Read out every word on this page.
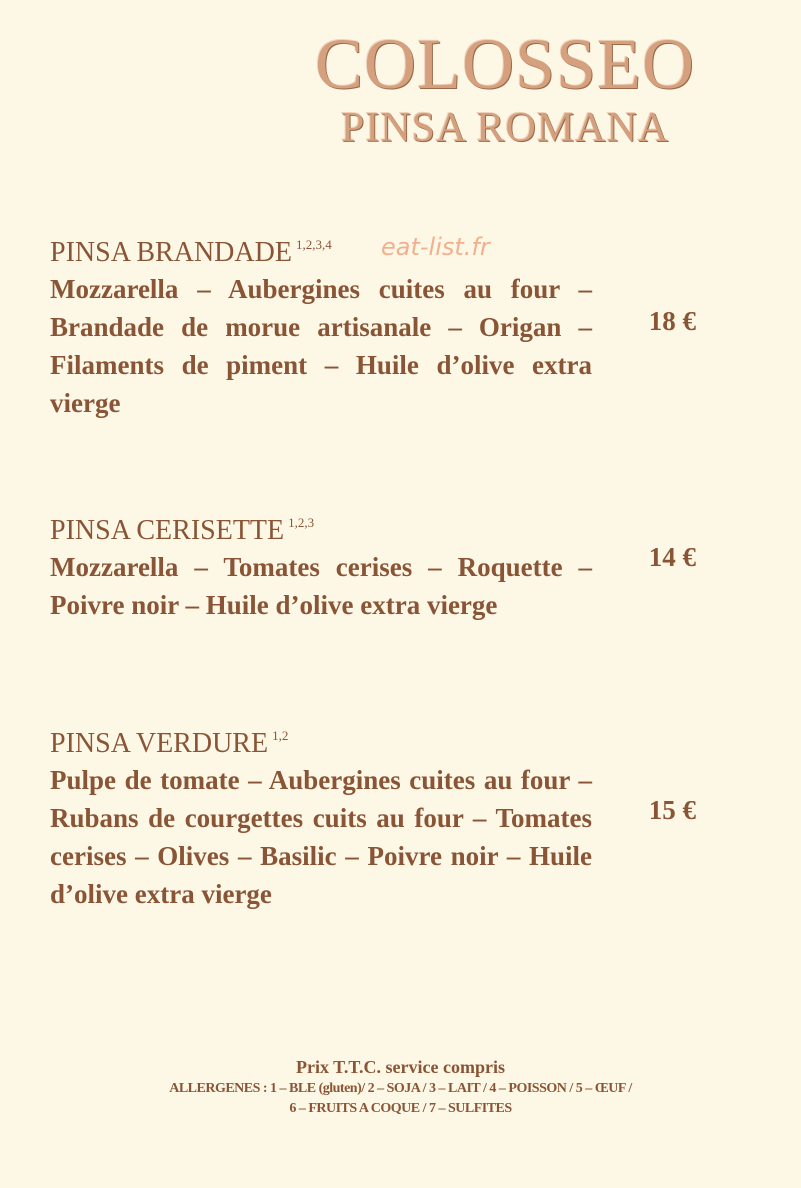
COLOSSEO
PINSA ROMANA
PINSA BRANDADE $^{1,2,3,4}$
Mozzarella – Aubergines cuites au four – Brandade de morue artisanale – Origan – Filaments de piment – Huile d’olive extra vierge
18 €
eat-list.fr
PINSA CERISETTE $^{1,2,3}$
Mozzarella – Tomates cerises – Roquette – Poivre noir – Huile d’olive extra vierge
14 €
PINSA VERDURE $^{1,2}$
Pulpe de tomate – Aubergines cuites au four – Rubans de courgettes cuits au four – Tomates cerises – Olives – Basilic – Poivre noir – Huile d’olive extra vierge
15 €
Prix T.T.C. service compris
ALLERGENES : 1 – BLE (gluten)/ 2 – SOJA / 3 – LAIT / 4 – POISSON / 5 – ŒUF /
6 – FRUITS A COQUE / 7 – SULFITES
